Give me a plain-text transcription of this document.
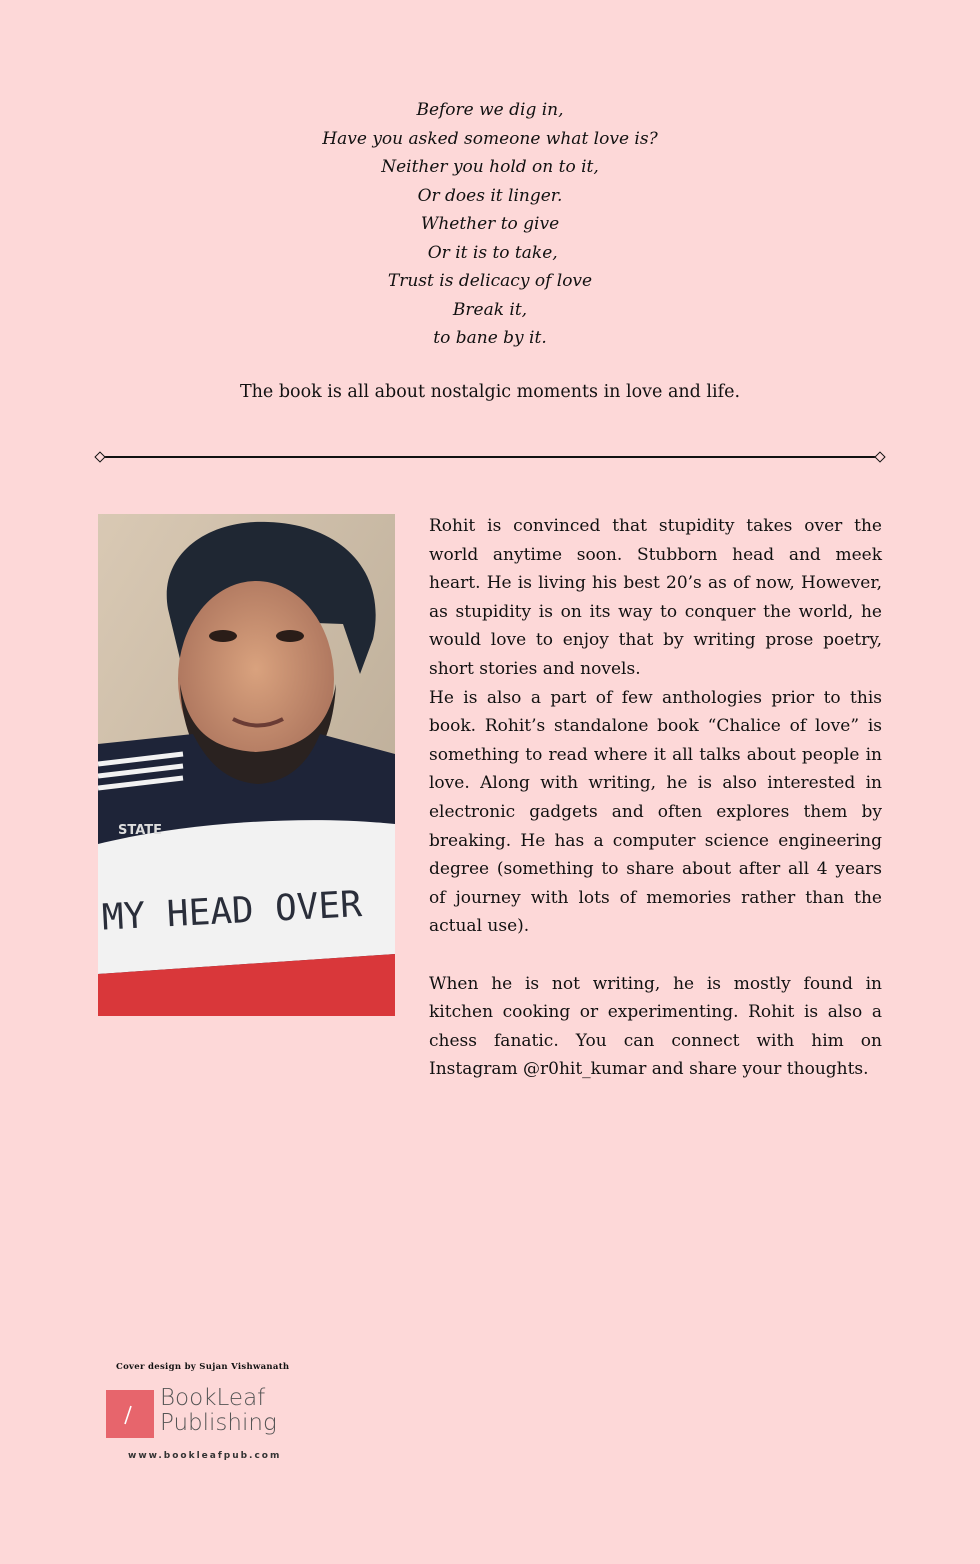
Before we dig in,
Have you asked someone what love is?
Neither you hold on to it,
Or does it linger.
Whether to give
Or it is to take,
Trust is delicacy of love
Break it,
to bane by it.
The book is all about nostalgic moments in love and life.
STATE
MY HEAD OVER

Rohit is convinced that stupidity takes over the world anytime soon. Stubborn head and meek heart. He is living his best 20’s as of now, However, as stupidity is on its way to conquer the world, he would love to enjoy that by writing prose poetry, short stories and novels.

He is also a part of few anthologies prior to this book. Rohit’s standalone book “Chalice of love” is something to read where it all talks about people in love. Along with writing, he is also interested in electronic gadgets and often explores them by breaking. He has a computer science engineering degree (something to share about after all 4 years of journey with lots of memories rather than the actual use).

When he is not writing, he is mostly found in kitchen cooking or experimenting. Rohit is also a chess fanatic. You can connect with him on Instagram @r0hit_kumar and share your thoughts.

Cover design by Sujan Vishwanath
BookLeaf
Publishing
www.bookleafpub.com
